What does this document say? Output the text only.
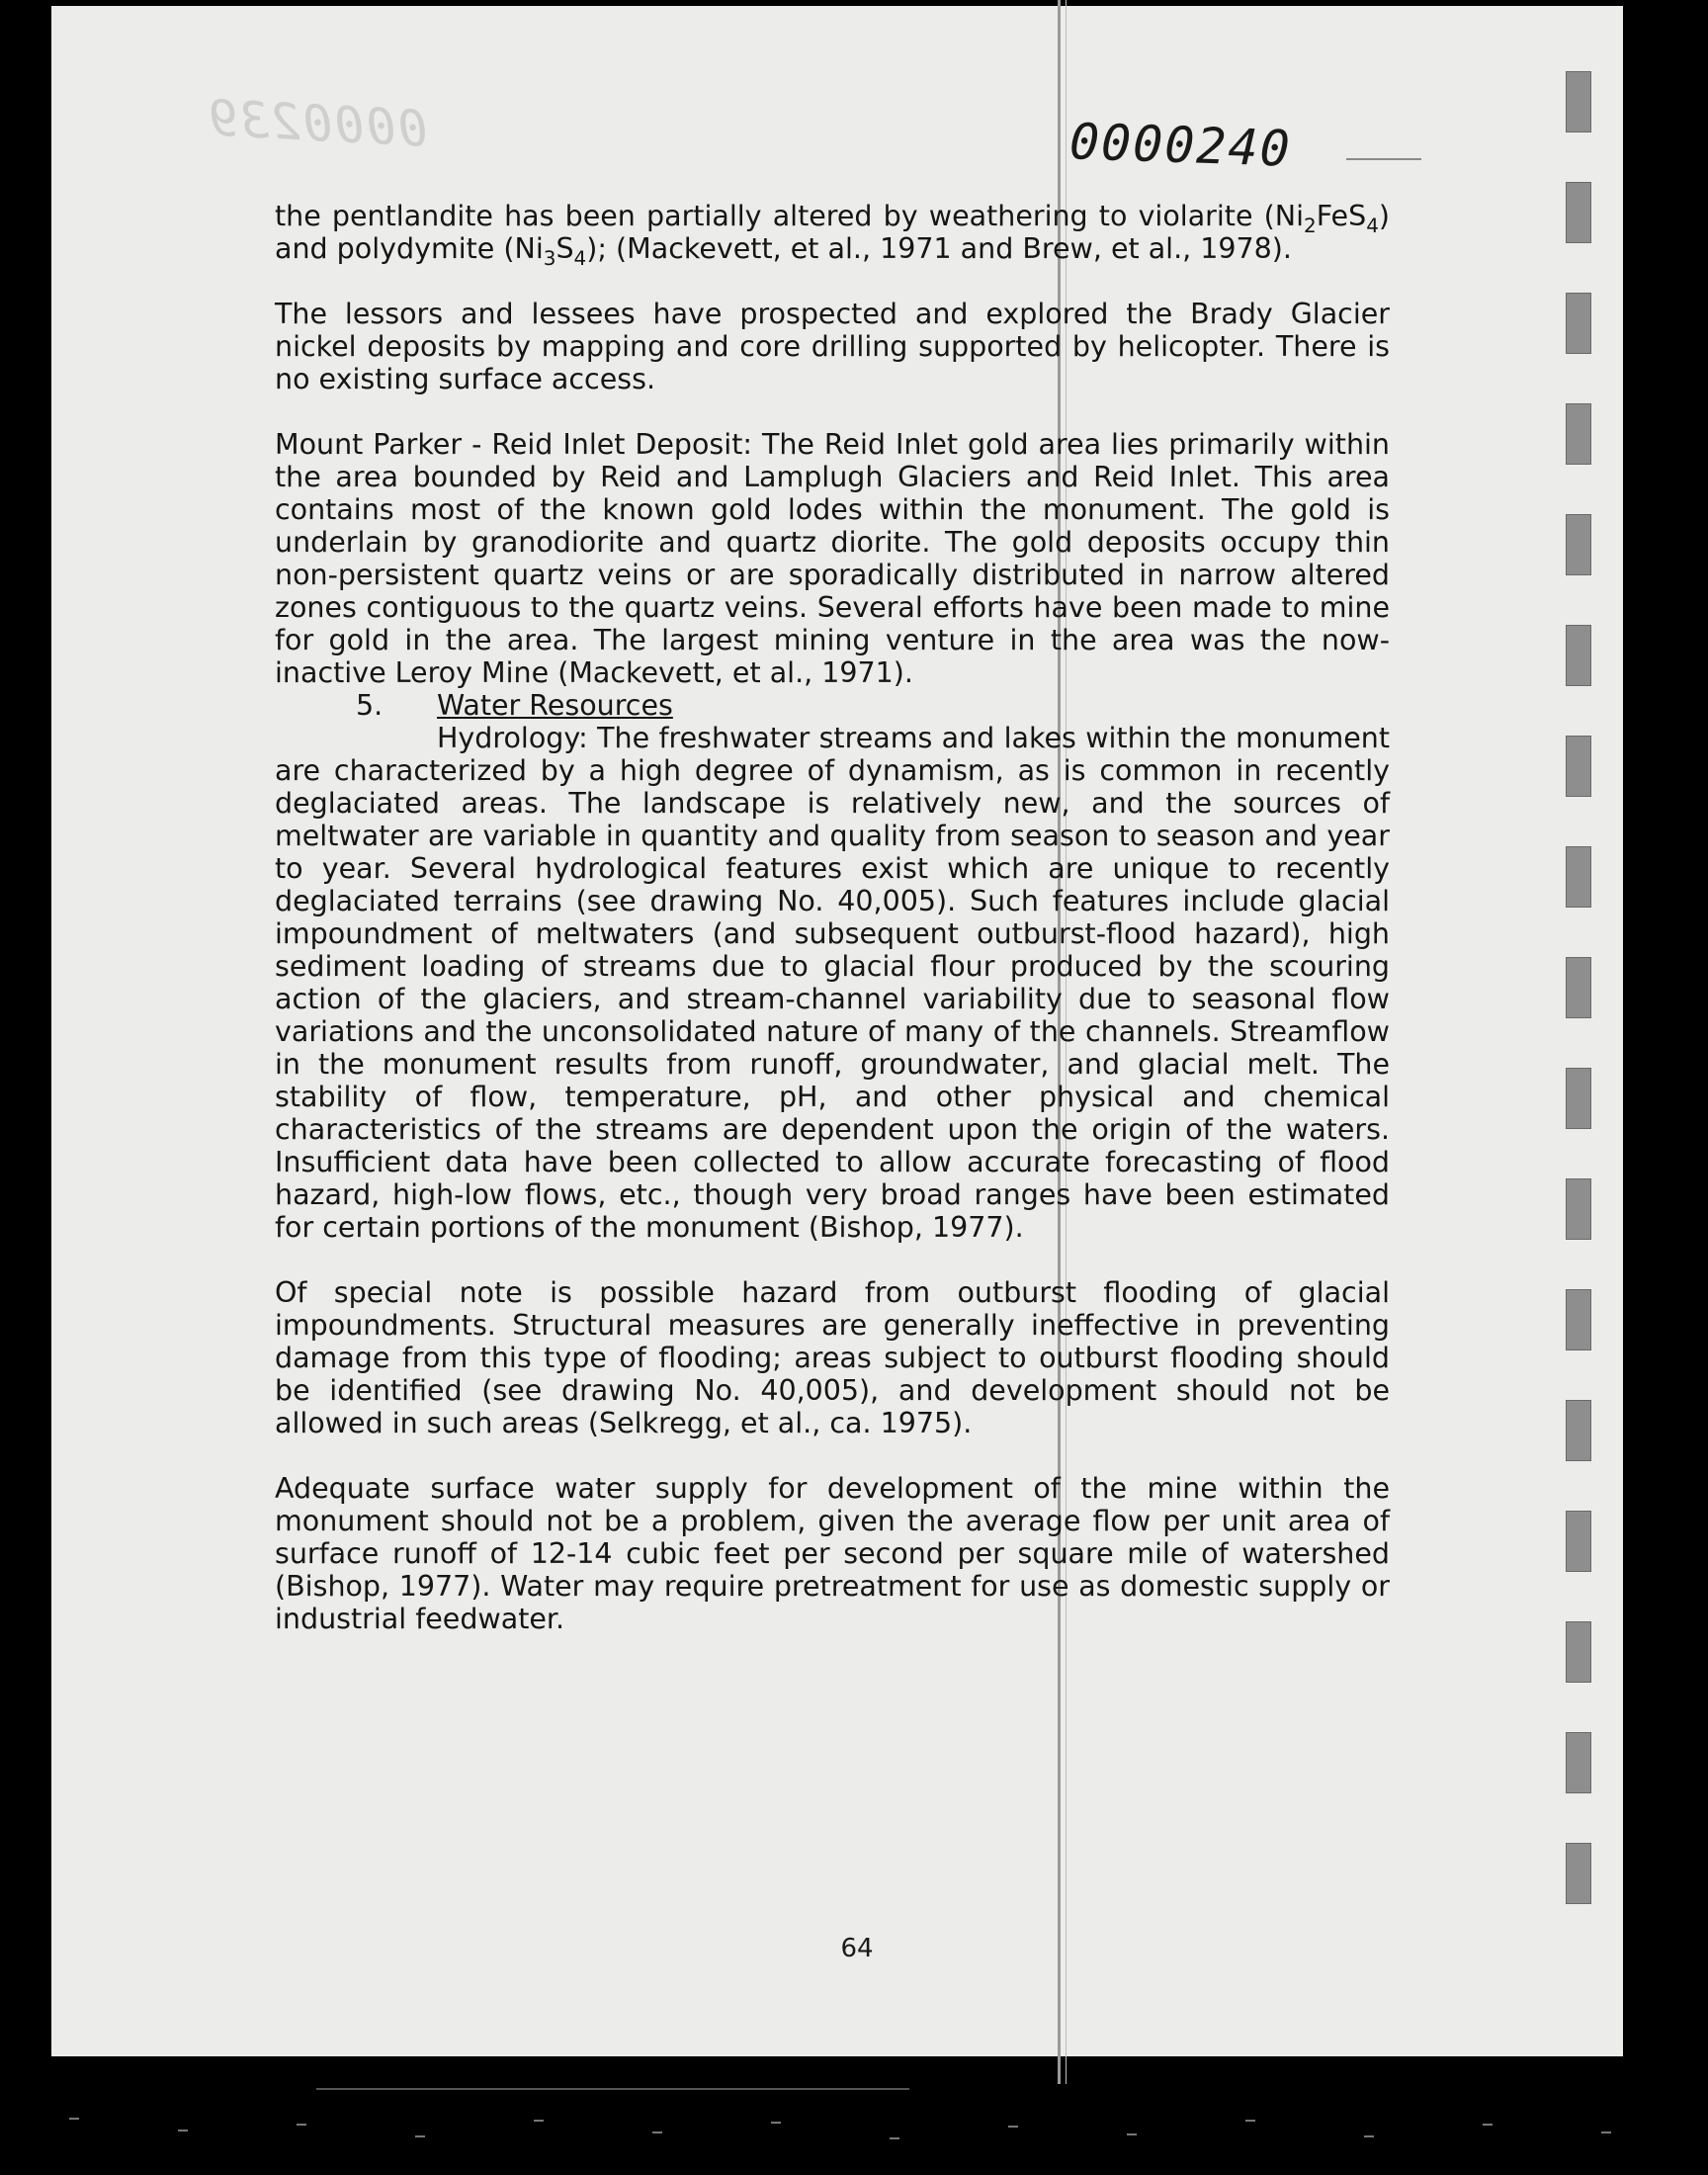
0000239	0000240

the pentlandite has been partially altered by weathering to violarite $(Ni_2FeS_4)$ and polydymite $(Ni_3S_4)$; (Mackevett, et al., 1971 and Brew, et al., 1978).

The lessors and lessees have prospected and explored the Brady Glacier nickel deposits by mapping and core drilling supported by helicopter. There is no existing surface access.

Mount Parker - Reid Inlet Deposit: The Reid Inlet gold area lies primarily within the area bounded by Reid and Lamplugh Glaciers and Reid Inlet. This area contains most of the known gold lodes within the monument. The gold is underlain by granodiorite and quartz diorite. The gold deposits occupy thin non-persistent quartz veins or are sporadically distributed in narrow altered zones contiguous to the quartz veins. Several efforts have been made to mine for gold in the area. The largest mining venture in the area was the now-inactive Leroy Mine (Mackevett, et al., 1971).

5. Water Resources

Hydrology: The freshwater streams and lakes within the monument are characterized by a high degree of dynamism, as is common in recently deglaciated areas. The landscape is relatively new, and the sources of meltwater are variable in quantity and quality from season to season and year to year. Several hydrological features exist which are unique to recently deglaciated terrains (see drawing No. 40,005). Such features include glacial impoundment of meltwaters (and subsequent outburst-flood hazard), high sediment loading of streams due to glacial flour produced by the scouring action of the glaciers, and stream-channel variability due to seasonal flow variations and the unconsolidated nature of many of the channels. Streamflow in the monument results from runoff, groundwater, and glacial melt. The stability of flow, temperature, pH, and other physical and chemical characteristics of the streams are dependent upon the origin of the waters. Insufficient data have been collected to allow accurate forecasting of flood hazard, high-low flows, etc., though very broad ranges have been estimated for certain portions of the monument (Bishop, 1977).

Of special note is possible hazard from outburst flooding of glacial impoundments. Structural measures are generally ineffective in preventing damage from this type of flooding; areas subject to outburst flooding should be identified (see drawing No. 40,005), and development should not be allowed in such areas (Selkregg, et al., ca. 1975).

Adequate surface water supply for development of the mine within the monument should not be a problem, given the average flow per unit area of surface runoff of 12-14 cubic feet per second per square mile of watershed (Bishop, 1977). Water may require pretreatment for use as domestic supply or industrial feedwater.

64
